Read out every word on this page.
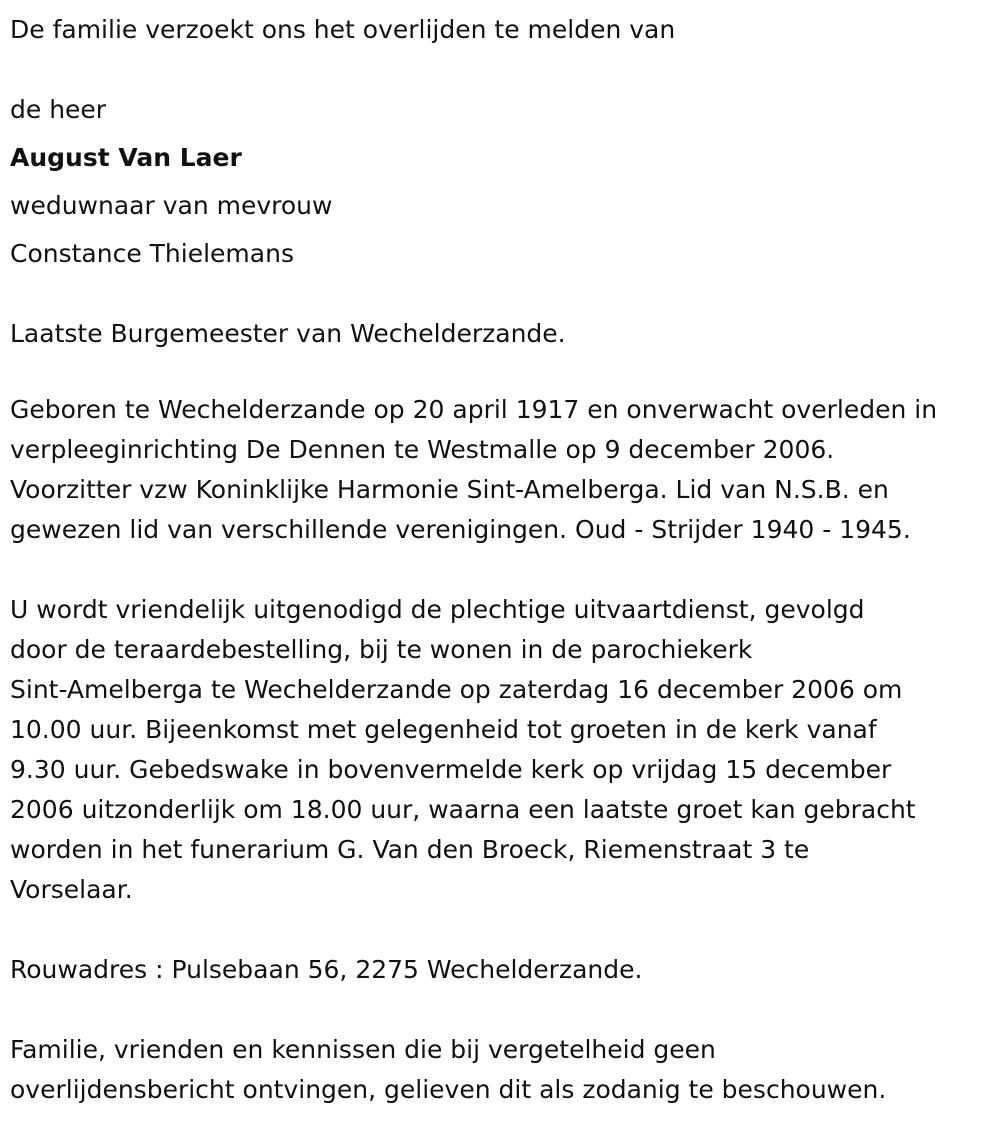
De familie verzoekt ons het overlijden te melden van

de heer

August Van Laer

weduwnaar van mevrouw

Constance Thielemans

Laatste Burgemeester van Wechelderzande.

Geboren te Wechelderzande op 20 april 1917 en onverwacht overleden in
verpleeginrichting De Dennen te Westmalle op 9 december 2006.
Voorzitter vzw Koninklijke Harmonie Sint-Amelberga. Lid van N.S.B. en
gewezen lid van verschillende verenigingen. Oud - Strijder 1940 - 1945.
U wordt vriendelijk uitgenodigd de plechtige uitvaartdienst, gevolgd
door de teraardebestelling, bij te wonen in de parochiekerk
Sint-Amelberga te Wechelderzande op zaterdag 16 december 2006 om
10.00 uur. Bijeenkomst met gelegenheid tot groeten in de kerk vanaf
9.30 uur. Gebedswake in bovenvermelde kerk op vrijdag 15 december
2006 uitzonderlijk om 18.00 uur, waarna een laatste groet kan gebracht
worden in het funerarium G. Van den Broeck, Riemenstraat 3 te
Vorselaar.
Rouwadres : Pulsebaan 56, 2275 Wechelderzande.
Familie, vrienden en kennissen die bij vergetelheid geen
overlijdensbericht ontvingen, gelieven dit als zodanig te beschouwen.
